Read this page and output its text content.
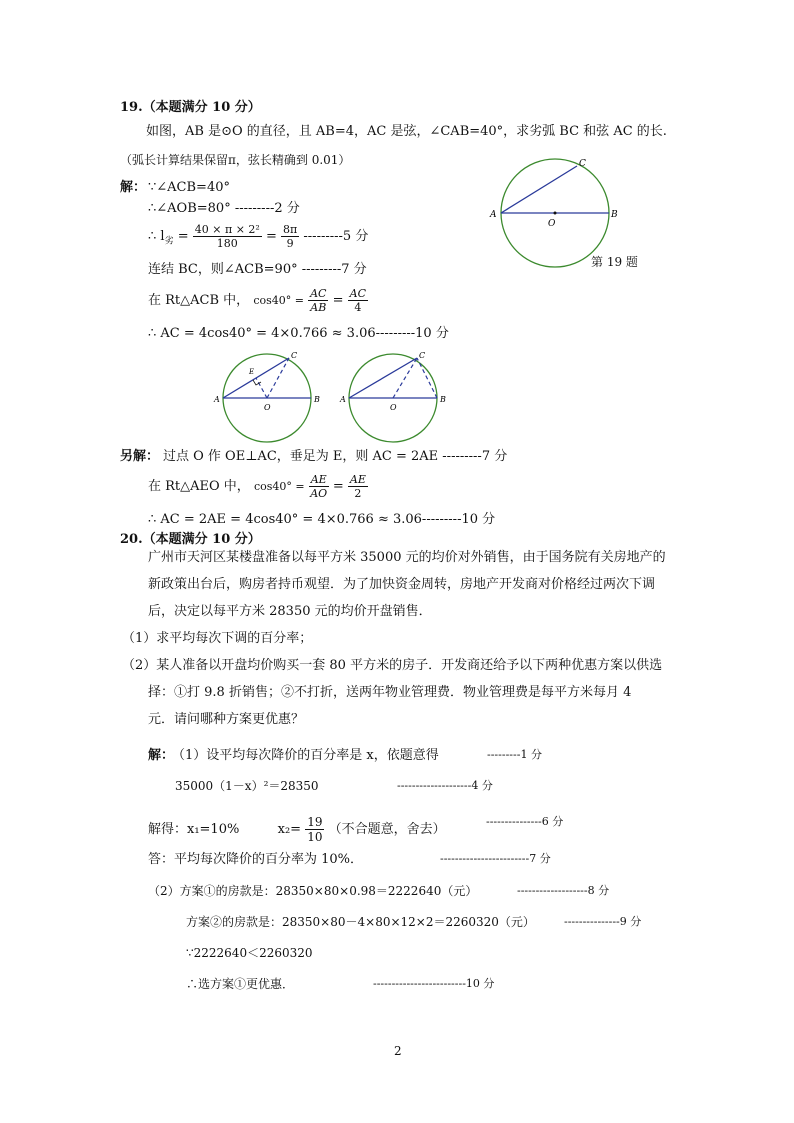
19.（本题满分 10 分）
如图，AB 是⊙O 的直径，且 AB=4，AC 是弦，∠CAB=40°，求劣弧 BC 和弦 AC 的长.
（弧长计算结果保留π，弦长精确到 0.01）
解： ∵∠ACB=40°
∴∠AOB=80° ---------2 分
∴ $l_劣 = \frac{\text{40 × π × 2²}}{180} = \frac{8\pi}{9} ---------5$ 分
连结 BC，则∠ACB=90° ---------7 分
在 Rt△ACB 中， $\cos 40^\circ = \frac{AC}{AB} = \frac{AC}{4}$
∴ AC = 4cos40° = 4×0.766 ≈ 3.06---------10 分
A	B
C
O
第 19 题
A	B
C
O
E
A	B
C
O
另解： 过点 O 作 OE⊥AC，垂足为 E，则 AC = 2AE ---------7 分
在 Rt△AEO 中， $\cos 40^\circ = \frac{AE}{AO} = \frac{AE}{2}$
∴ AC = 2AE = 4cos40° = 4×0.766 ≈ 3.06---------10 分
20.（本题满分 10 分）
广州市天河区某楼盘准备以每平方米 35000 元的均价对外销售，由于国务院有关房地产的
新政策出台后，购房者持币观望．为了加快资金周转，房地产开发商对价格经过两次下调
后，决定以每平方米 28350 元的均价开盘销售．
（1）求平均每次下调的百分率；
（2）某人准备以开盘均价购买一套 80 平方米的房子．开发商还给予以下两种优惠方案以供选
择：①打 9.8 折销售；②不打折，送两年物业管理费．物业管理费是每平方米每月 4
元．请问哪种方案更优惠？
解：
（1）设平均每次降价的百分率是 x，依题意得	---------1 分
35000（1－x）²＝28350	--------------------4 分
解得：x₁=10%	$x_2= \frac{19}{10}$ （不合题意，舍去）
---------------6 分
答：平均每次降价的百分率为 10%．	------------------------7 分
（2）方案①的房款是：28350×80×0.98＝2222640（元）	-------------------8 分
方案②的房款是：28350×80－4×80×12×2＝2260320（元）	---------------9 分
∵2222640＜2260320
∴选方案①更优惠．	-------------------------10 分
2
